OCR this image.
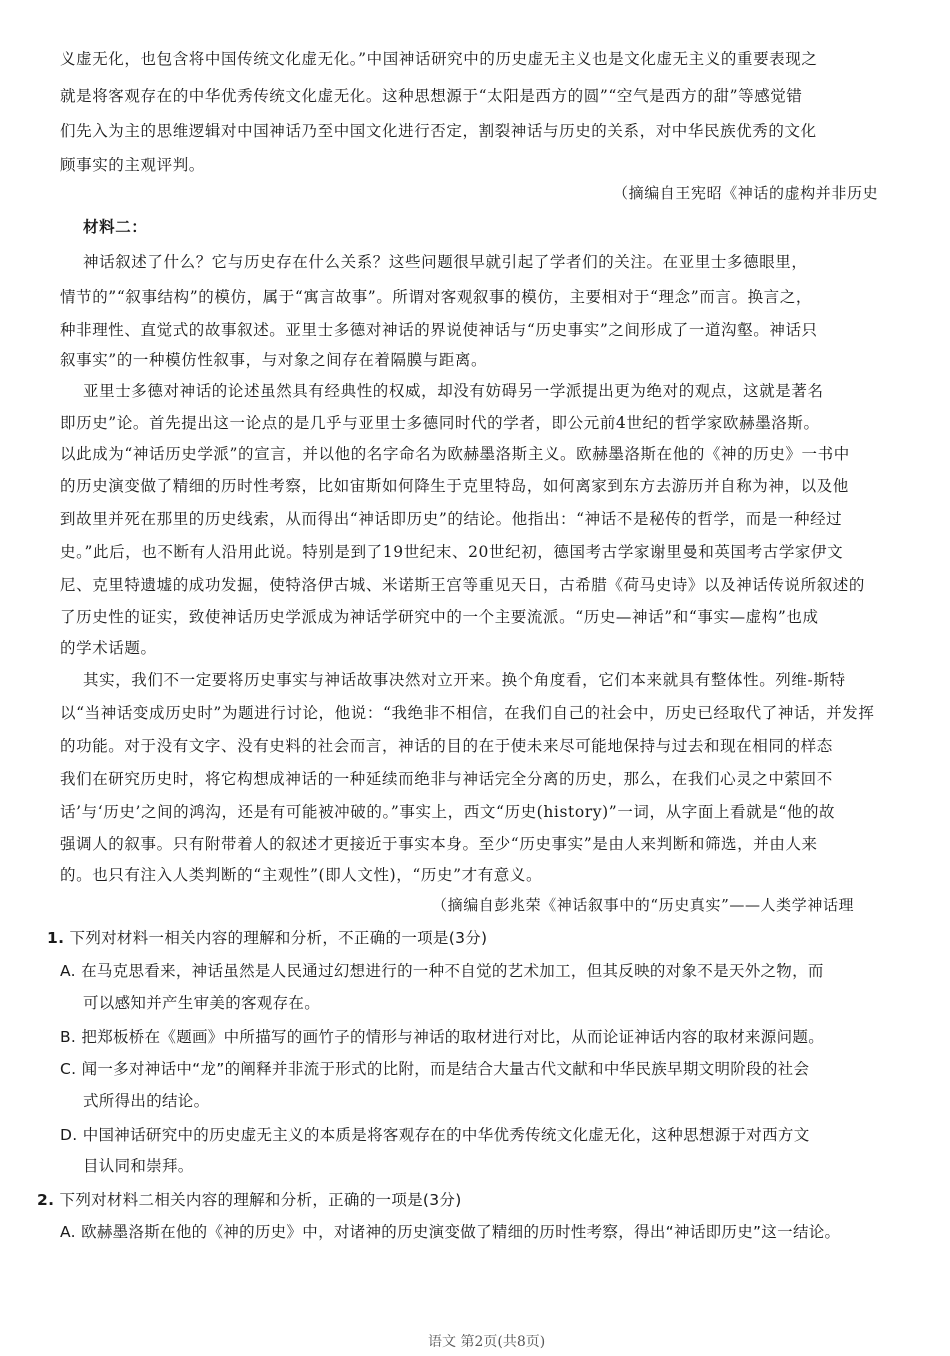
义虚无化，也包含将中国传统文化虚无化。”中国神话研究中的历史虚无主义也是文化虚无主义的重要表现之
就是将客观存在的中华优秀传统文化虚无化。这种思想源于“太阳是西方的圆”“空气是西方的甜”等感觉错
们先入为主的思维逻辑对中国神话乃至中国文化进行否定，割裂神话与历史的关系，对中华民族优秀的文化
顾事实的主观评判。
（摘编自王宪昭《神话的虚构并非历史
材料二：
神话叙述了什么？它与历史存在什么关系？这些问题很早就引起了学者们的关注。在亚里士多德眼里，
情节的”“叙事结构”的模仿，属于“寓言故事”。所谓对客观叙事的模仿，主要相对于“理念”而言。换言之，
种非理性、直觉式的故事叙述。亚里士多德对神话的界说使神话与“历史事实”之间形成了一道沟壑。神话只
叙事实”的一种模仿性叙事，与对象之间存在着隔膜与距离。
亚里士多德对神话的论述虽然具有经典性的权威，却没有妨碍另一学派提出更为绝对的观点，这就是著名
即历史”论。首先提出这一论点的是几乎与亚里士多德同时代的学者，即公元前4世纪的哲学家欧赫墨洛斯。
以此成为“神话历史学派”的宣言，并以他的名字命名为欧赫墨洛斯主义。欧赫墨洛斯在他的《神的历史》一书中
的历史演变做了精细的历时性考察，比如宙斯如何降生于克里特岛，如何离家到东方去游历并自称为神，以及他
到故里并死在那里的历史线索，从而得出“神话即历史”的结论。他指出：“神话不是秘传的哲学，而是一种经过
史。”此后，也不断有人沿用此说。特别是到了19世纪末、20世纪初，德国考古学家谢里曼和英国考古学家伊文
尼、克里特遗墟的成功发掘，使特洛伊古城、米诺斯王宫等重见天日，古希腊《荷马史诗》以及神话传说所叙述的
了历史性的证实，致使神话历史学派成为神话学研究中的一个主要流派。“历史—神话”和“事实—虚构”也成
的学术话题。
其实，我们不一定要将历史事实与神话故事决然对立开来。换个角度看，它们本来就具有整体性。列维-斯特
以“当神话变成历史时”为题进行讨论，他说：“我绝非不相信，在我们自己的社会中，历史已经取代了神话，并发挥
的功能。对于没有文字、没有史料的社会而言，神话的目的在于使未来尽可能地保持与过去和现在相同的样态
我们在研究历史时，将它构想成神话的一种延续而绝非与神话完全分离的历史，那么，在我们心灵之中萦回不
话’与‘历史’之间的鸿沟，还是有可能被冲破的。”事实上，西文“历史(history)”一词，从字面上看就是“他的故
强调人的叙事。只有附带着人的叙述才更接近于事实本身。至少“历史事实”是由人来判断和筛选，并由人来
的。也只有注入人类判断的“主观性”(即人文性)，“历史”才有意义。
（摘编自彭兆荣《神话叙事中的“历史真实”——人类学神话理
1. 下列对材料一相关内容的理解和分析，不正确的一项是(3分)
A. 在马克思看来，神话虽然是人民通过幻想进行的一种不自觉的艺术加工，但其反映的对象不是天外之物，而
可以感知并产生审美的客观存在。
B. 把郑板桥在《题画》中所描写的画竹子的情形与神话的取材进行对比，从而论证神话内容的取材来源问题。
C. 闻一多对神话中“龙”的阐释并非流于形式的比附，而是结合大量古代文献和中华民族早期文明阶段的社会
式所得出的结论。
D. 中国神话研究中的历史虚无主义的本质是将客观存在的中华优秀传统文化虚无化，这种思想源于对西方文
目认同和崇拜。
2. 下列对材料二相关内容的理解和分析，正确的一项是(3分)
A. 欧赫墨洛斯在他的《神的历史》中，对诸神的历史演变做了精细的历时性考察，得出“神话即历史”这一结论。
语文 第2页(共8页)
